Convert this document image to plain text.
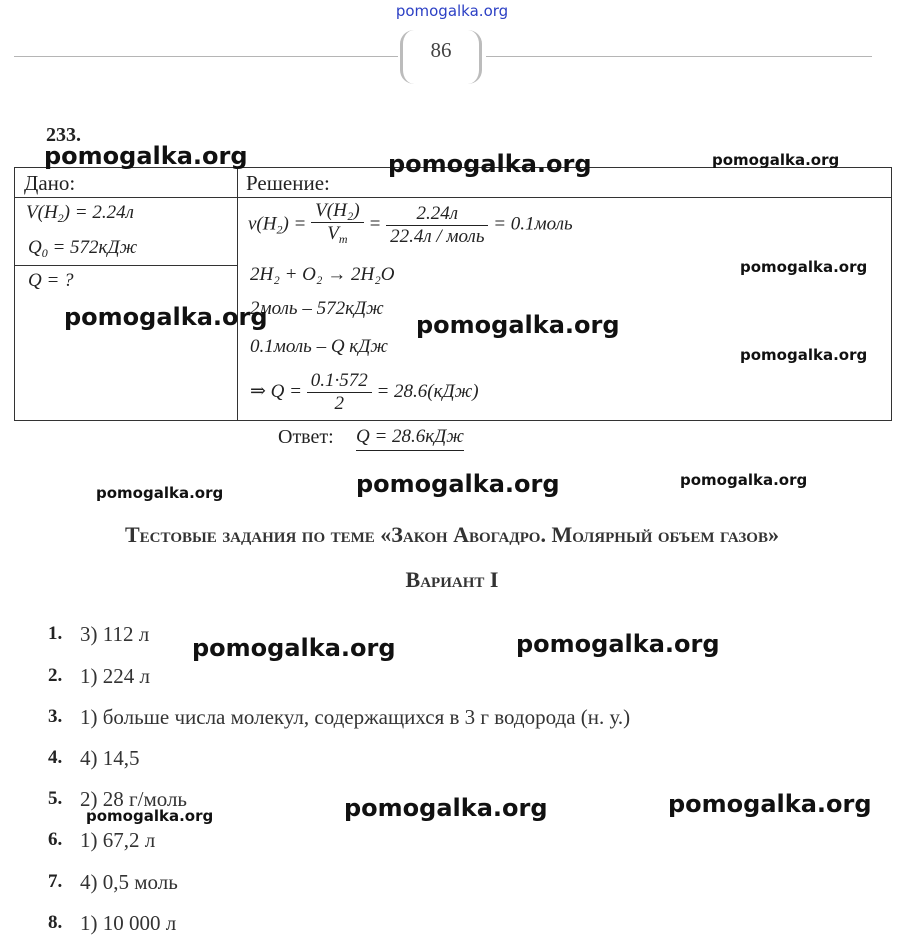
pomogalka.org
86
233.
Дано:	Решение:
$V(H_2) = 2.24л$
$Q_0 = 572кДж$
Q = ?
$\nu(H_2) = \frac{\text{V(H₂)}}{V_m} = \frac{2.24л}{\text{22.4л / моль}}$ = 0.1моль
2H₂ + O₂ → 2H₂O
2моль – 572кДж
0.1моль – Q кДж
⇒ $Q = \frac{0.1\cdot 572}{2} = 28.6(кДж)$
Ответ: Q = 28.6кДж
Тестовые задания по теме «Закон Авогадро. Молярный объем газов»
Вариант I
1. 3) 112 л
2. 1) 224 л
3. 1) больше числа молекул, содержащихся в 3 г водорода (н. у.)
4. 4) 14,5
5. 2) 28 г/моль
6. 1) 67,2 л
7. 4) 0,5 моль
8. 1) 10 000 л
pomogalka.org	pomogalka.org	pomogalka.org
pomogalka.org
pomogalka.org	pomogalka.org
pomogalka.org
pomogalka.org	pomogalka.org	pomogalka.org
pomogalka.org	pomogalka.org
pomogalka.org	pomogalka.org
pomogalka.org
